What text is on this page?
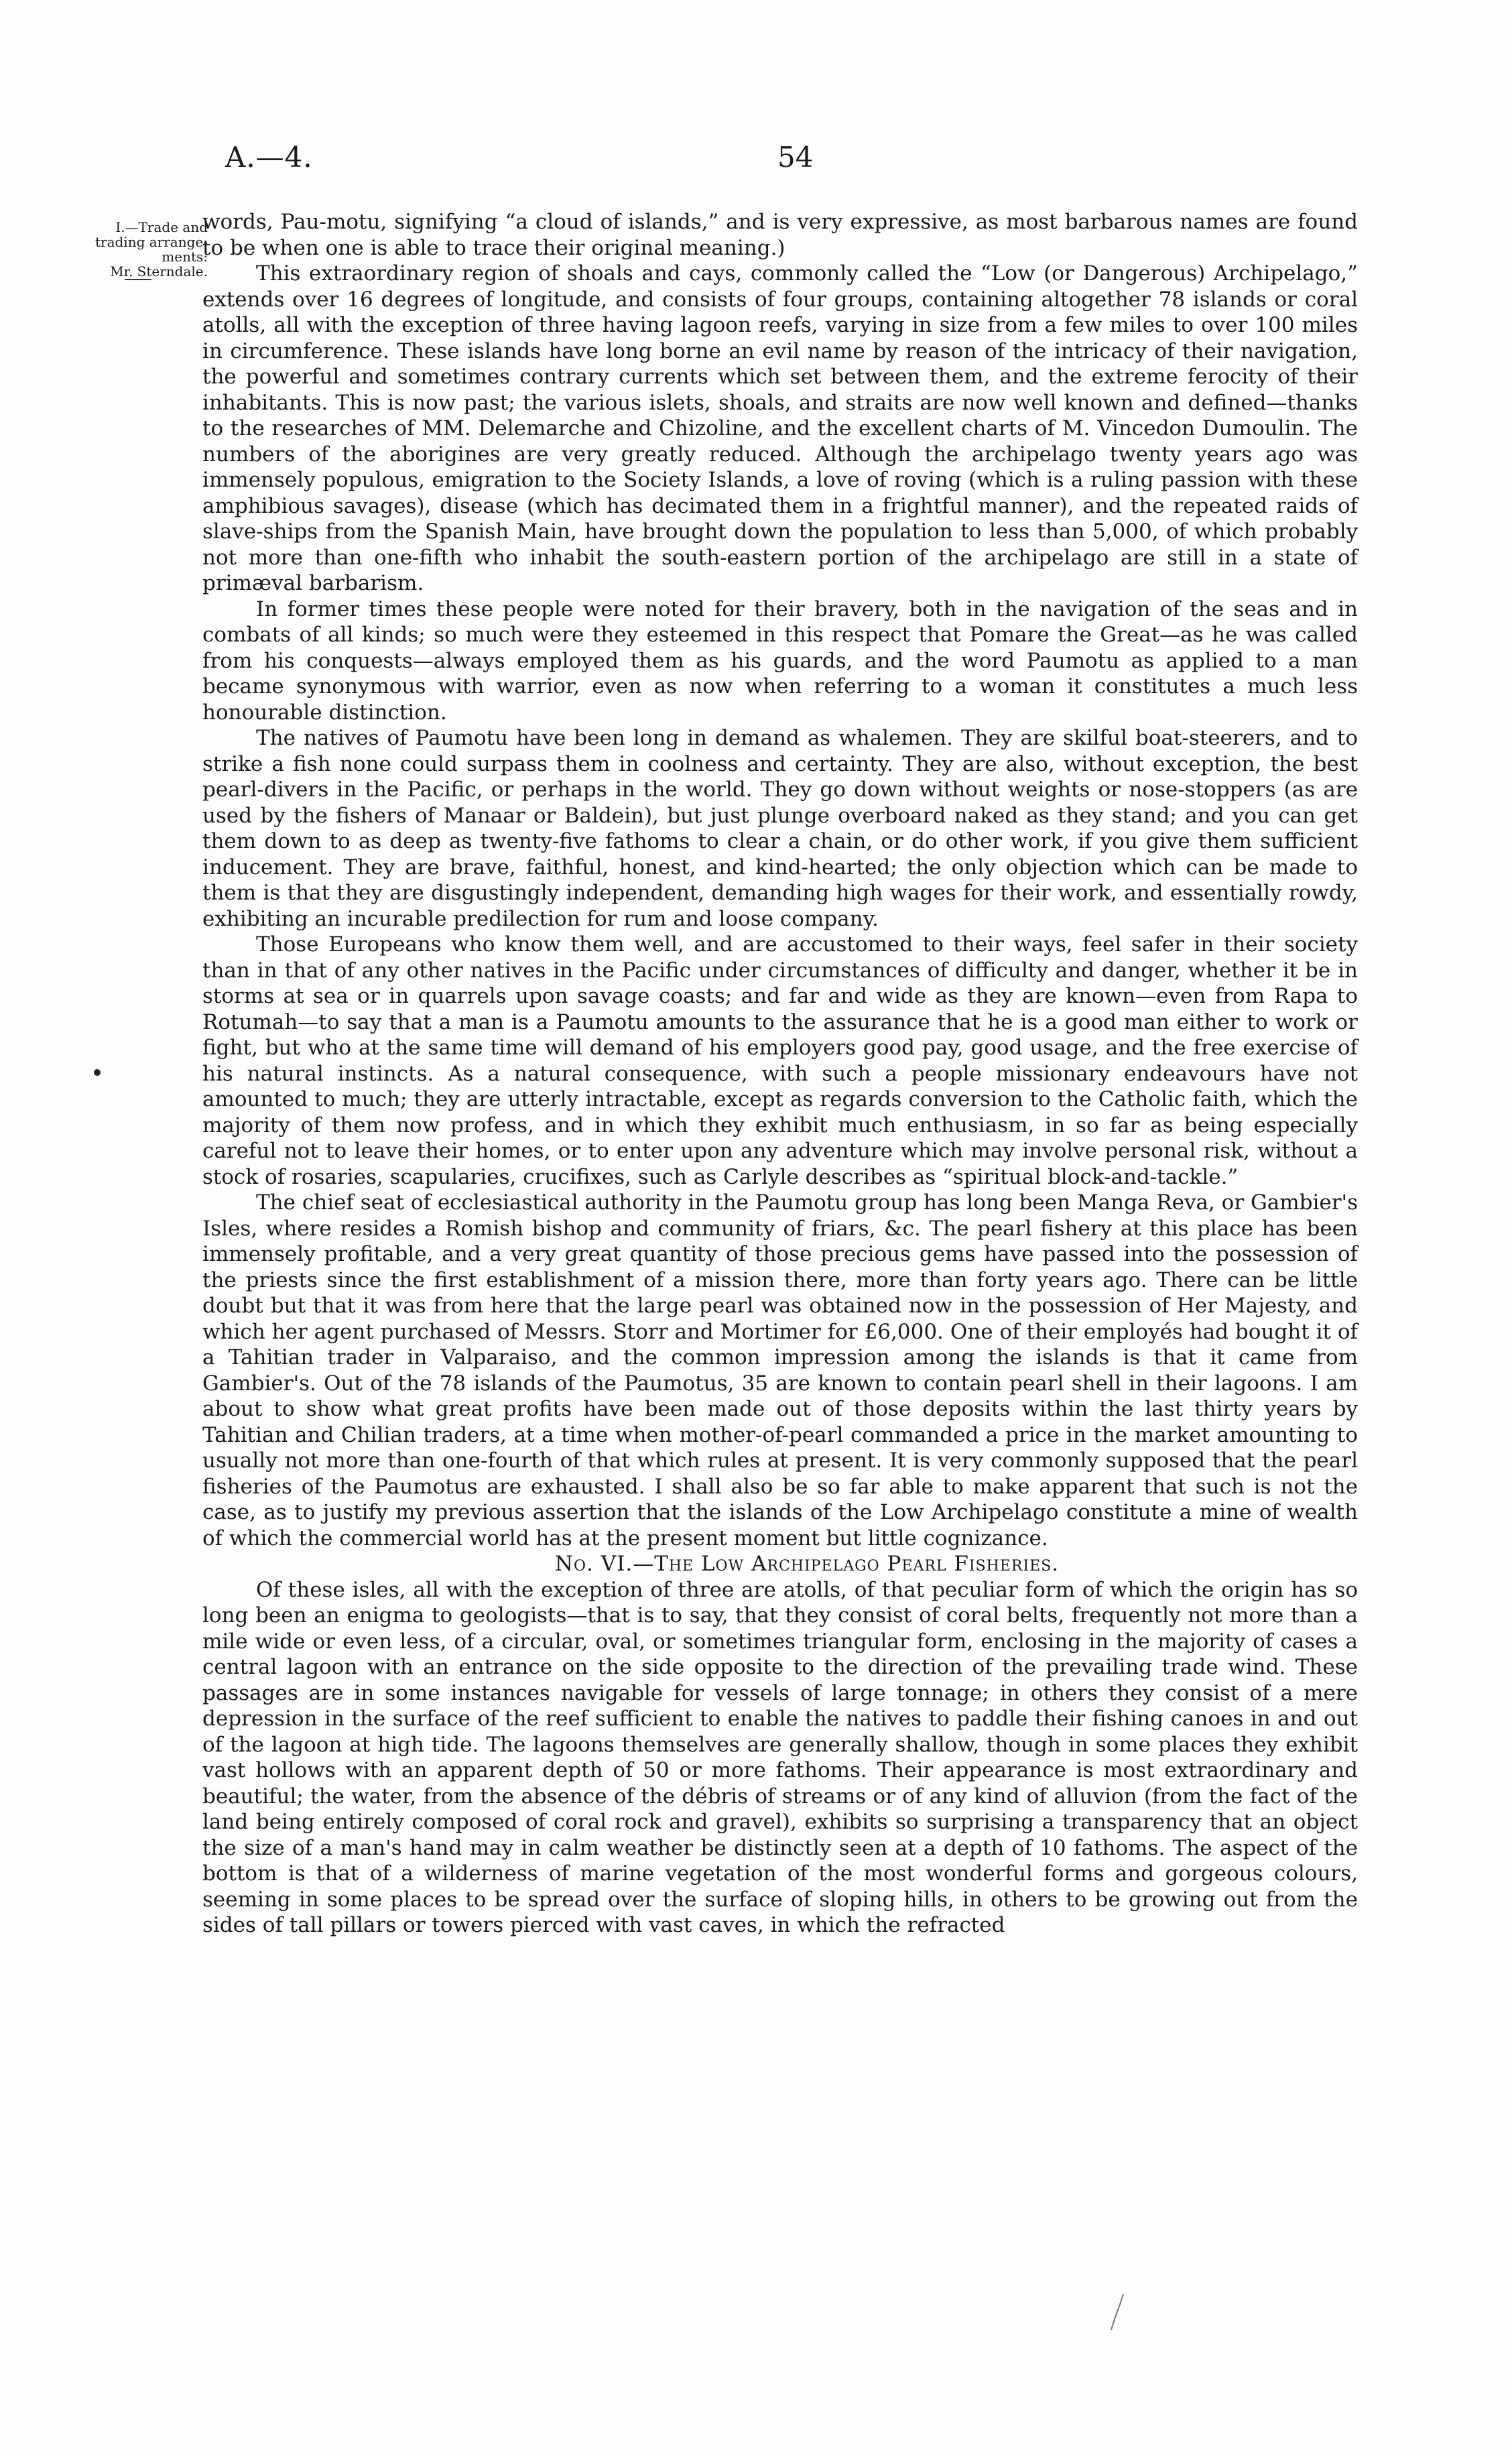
A.—4.	54
I.—Trade and
trading arrange-
ments:
Mr. Sterndale.

words, Pau-motu, signifying “a cloud of islands,” and is very expressive, as most barbarous names are found to be when one is able to trace their original meaning.)

This extraordinary region of shoals and cays, commonly called the “Low (or Dangerous) Archipelago,” extends over 16 degrees of longitude, and consists of four groups, containing altogether 78 islands or coral atolls, all with the exception of three having lagoon reefs, varying in size from a few miles to over 100 miles in circumference. These islands have long borne an evil name by reason of the intricacy of their navigation, the powerful and sometimes contrary currents which set between them, and the extreme ferocity of their inhabitants. This is now past; the various islets, shoals, and straits are now well known and defined—thanks to the researches of MM. Delemarche and Chizoline, and the excellent charts of M. Vincedon Dumoulin. The numbers of the aborigines are very greatly reduced. Although the archipelago twenty years ago was immensely populous, emigration to the Society Islands, a love of roving (which is a ruling passion with these amphibious savages), disease (which has decimated them in a frightful manner), and the repeated raids of slave-ships from the Spanish Main, have brought down the population to less than 5,000, of which probably not more than one-fifth who inhabit the south-eastern portion of the archipelago are still in a state of primæval barbarism.

In former times these people were noted for their bravery, both in the navigation of the seas and in combats of all kinds; so much were they esteemed in this respect that Pomare the Great—as he was called from his conquests—always employed them as his guards, and the word Paumotu as applied to a man became synonymous with warrior, even as now when referring to a woman it constitutes a much less honourable distinction.

The natives of Paumotu have been long in demand as whalemen. They are skilful boat-steerers, and to strike a fish none could surpass them in coolness and certainty. They are also, without exception, the best pearl-divers in the Pacific, or perhaps in the world. They go down without weights or nose-stoppers (as are used by the fishers of Manaar or Baldein), but just plunge overboard naked as they stand; and you can get them down to as deep as twenty-five fathoms to clear a chain, or do other work, if you give them sufficient inducement. They are brave, faithful, honest, and kind-hearted; the only objection which can be made to them is that they are disgustingly independent, demanding high wages for their work, and essentially rowdy, exhibiting an incurable predilection for rum and loose company.

Those Europeans who know them well, and are accustomed to their ways, feel safer in their society than in that of any other natives in the Pacific under circumstances of difficulty and danger, whether it be in storms at sea or in quarrels upon savage coasts; and far and wide as they are known—even from Rapa to Rotumah—to say that a man is a Paumotu amounts to the assurance that he is a good man either to work or fight, but who at the same time will demand of his employers good pay, good usage, and the free exercise of his natural instincts. As a natural consequence, with such a people missionary endeavours have not amounted to much; they are utterly intractable, except as regards conversion to the Catholic faith, which the majority of them now profess, and in which they exhibit much enthusiasm, in so far as being especially careful not to leave their homes, or to enter upon any adventure which may involve personal risk, without a stock of rosaries, scapularies, crucifixes, such as Carlyle describes as “spiritual block-and-tackle.”

The chief seat of ecclesiastical authority in the Paumotu group has long been Manga Reva, or Gambier's Isles, where resides a Romish bishop and community of friars, &c. The pearl fishery at this place has been immensely profitable, and a very great quantity of those precious gems have passed into the possession of the priests since the first establishment of a mission there, more than forty years ago. There can be little doubt but that it was from here that the large pearl was obtained now in the possession of Her Majesty, and which her agent purchased of Messrs. Storr and Mortimer for £6,000. One of their employés had bought it of a Tahitian trader in Valparaiso, and the common impression among the islands is that it came from Gambier's. Out of the 78 islands of the Paumotus, 35 are known to contain pearl shell in their lagoons. I am about to show what great profits have been made out of those deposits within the last thirty years by Tahitian and Chilian traders, at a time when mother-of-pearl commanded a price in the market amounting to usually not more than one-fourth of that which rules at present. It is very commonly supposed that the pearl fisheries of the Paumotus are exhausted. I shall also be so far able to make apparent that such is not the case, as to justify my previous assertion that the islands of the Low Archipelago constitute a mine of wealth of which the commercial world has at the present moment but little cognizance.

No. VI.—The Low Archipelago Pearl Fisheries.

Of these isles, all with the exception of three are atolls, of that peculiar form of which the origin has so long been an enigma to geologists—that is to say, that they consist of coral belts, frequently not more than a mile wide or even less, of a circular, oval, or sometimes triangular form, enclosing in the majority of cases a central lagoon with an entrance on the side opposite to the direction of the prevailing trade wind. These passages are in some instances navigable for vessels of large tonnage; in others they consist of a mere depression in the surface of the reef sufficient to enable the natives to paddle their fishing canoes in and out of the lagoon at high tide. The lagoons themselves are generally shallow, though in some places they exhibit vast hollows with an apparent depth of 50 or more fathoms. Their appearance is most extraordinary and beautiful; the water, from the absence of the débris of streams or of any kind of alluvion (from the fact of the land being entirely composed of coral rock and gravel), exhibits so surprising a transparency that an object the size of a man's hand may in calm weather be distinctly seen at a depth of 10 fathoms. The aspect of the bottom is that of a wilderness of marine vegetation of the most wonderful forms and gorgeous colours, seeming in some places to be spread over the surface of sloping hills, in others to be growing out from the sides of tall pillars or towers pierced with vast caves, in which the refracted
